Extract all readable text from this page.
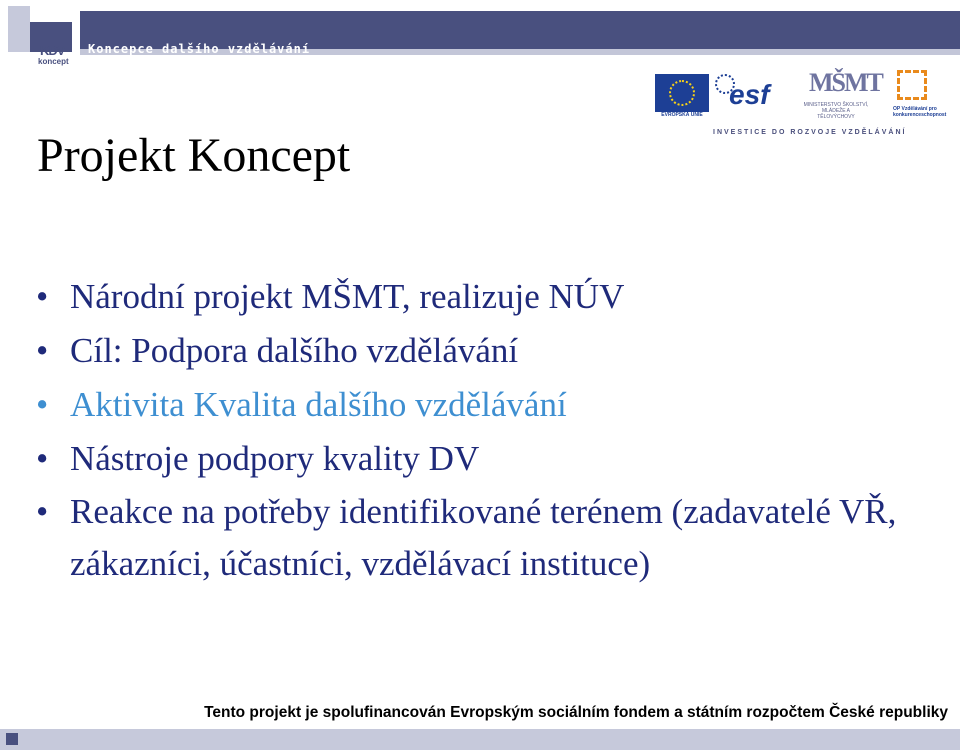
KDV
koncept
Koncepce dalšího vzdělávání
EVROPSKÁ UNIE
esf MŠMT
MINISTERSTVO ŠKOLSTVÍ, MLÁDEŽE A TĚLOVÝCHOVY
OP Vzdělávání pro konkurenceschopnost
INVESTICE DO ROZVOJE VZDĚLÁVÁNÍ
Projekt Koncept
• Národní projekt MŠMT, realizuje NÚV
• Cíl: Podpora dalšího vzdělávání
• Aktivita Kvalita dalšího vzdělávání
• Nástroje podpory kvality DV
• Reakce na potřeby identifikované terénem (zadavatelé VŘ, zákazníci, účastníci, vzdělávací instituce)
Tento projekt je spolufinancován Evropským sociálním fondem a státním rozpočtem České republiky
